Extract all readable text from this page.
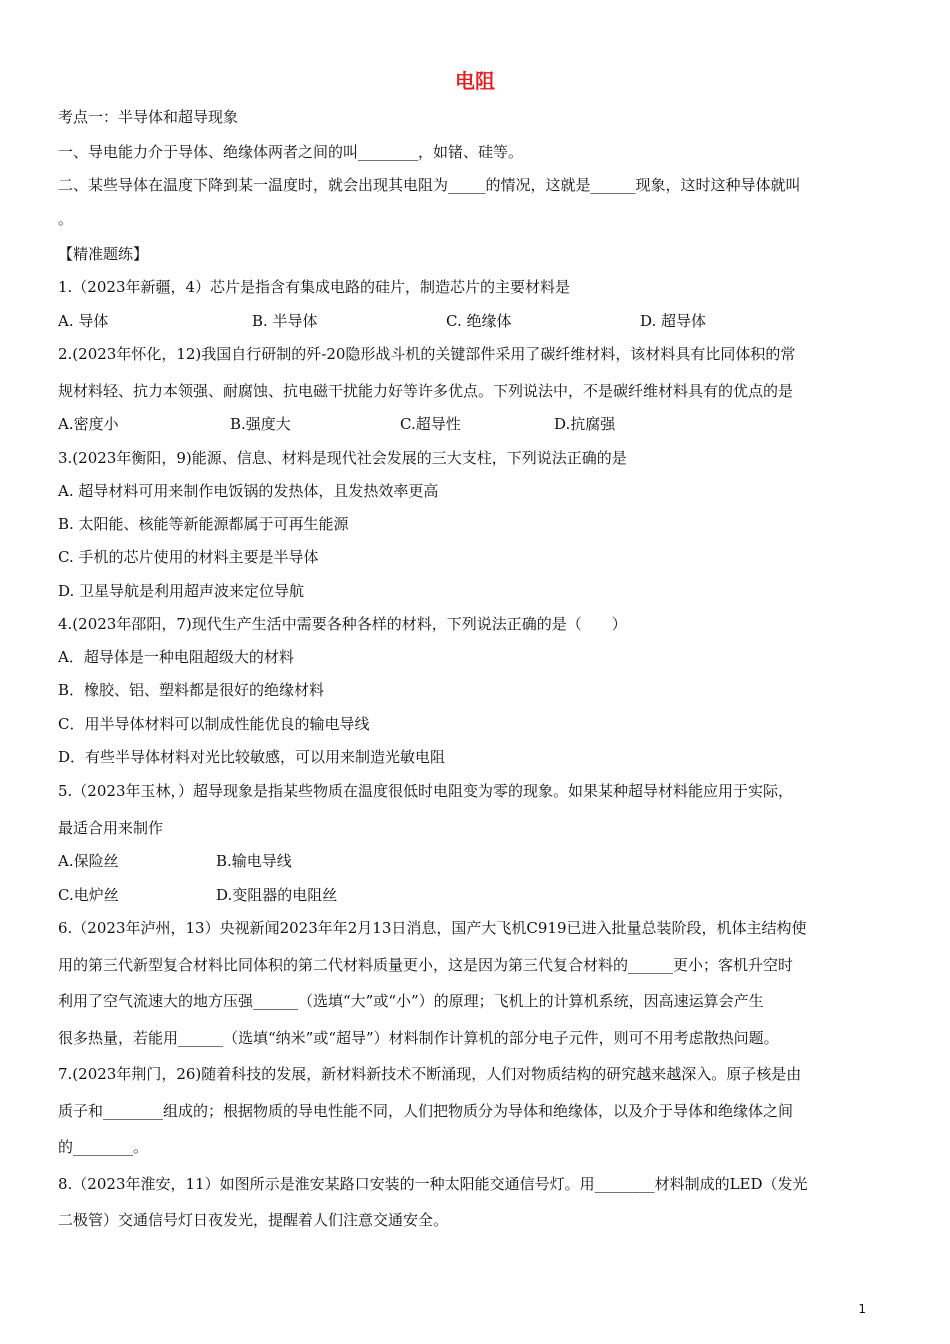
电阻
考点一：半导体和超导现象
一、导电能力介于导体、绝缘体两者之间的叫________，如锗、硅等。
二、某些导体在温度下降到某一温度时，就会出现其电阻为_____的情况，这就是______现象，这时这种导体就叫
。
【精准题练】
1.（2023年新疆，4）芯片是指含有集成电路的硅片，制造芯片的主要材料是
A. 导体	B. 半导体	C. 绝缘体	D. 超导体
2.(2023年怀化，12)我国自行研制的歼-20隐形战斗机的关键部件采用了碳纤维材料，该材料具有比同体积的常
规材料轻、抗力本领强、耐腐蚀、抗电磁干扰能力好等许多优点。下列说法中，不是碳纤维材料具有的优点的是
A.密度小	B.强度大	C.超导性	D.抗腐强
3.(2023年衡阳，9)能源、信息、材料是现代社会发展的三大支柱，下列说法正确的是
A. 超导材料可用来制作电饭锅的发热体，且发热效率更高
B. 太阳能、核能等新能源都属于可再生能源
C. 手机的芯片使用的材料主要是半导体
D. 卫星导航是利用超声波来定位导航
4.(2023年邵阳，7)现代生产生活中需要各种各样的材料，下列说法正确的是（　　）
A．超导体是一种电阻超级大的材料
B．橡胶、铝、塑料都是很好的绝缘材料
C．用半导体材料可以制成性能优良的输电导线
D．有些半导体材料对光比较敏感，可以用来制造光敏电阻
5.（2023年玉林，）超导现象是指某些物质在温度很低时电阻变为零的现象。如果某种超导材料能应用于实际，
最适合用来制作
A.保险丝	B.输电导线
C.电炉丝	D.变阻器的电阻丝
6.（2023年泸州，13）央视新闻2023年年2月13日消息，国产大飞机C919已进入批量总装阶段，机体主结构使
用的第三代新型复合材料比同体积的第二代材料质量更小，这是因为第三代复合材料的______更小；客机升空时
利用了空气流速大的地方压强______（选填“大”或“小”）的原理；飞机上的计算机系统，因高速运算会产生
很多热量，若能用______（选填“纳米”或“超导”）材料制作计算机的部分电子元件，则可不用考虑散热问题。
7.(2023年荆门，26)随着科技的发展，新材料新技术不断涌现，人们对物质结构的研究越来越深入。原子核是由
质子和________组成的；根据物质的导电性能不同，人们把物质分为导体和绝缘体，以及介于导体和绝缘体之间
的________。
8.（2023年淮安，11）如图所示是淮安某路口安装的一种太阳能交通信号灯。用________材料制成的LED（发光
二极管）交通信号灯日夜发光，提醒着人们注意交通安全。
1
